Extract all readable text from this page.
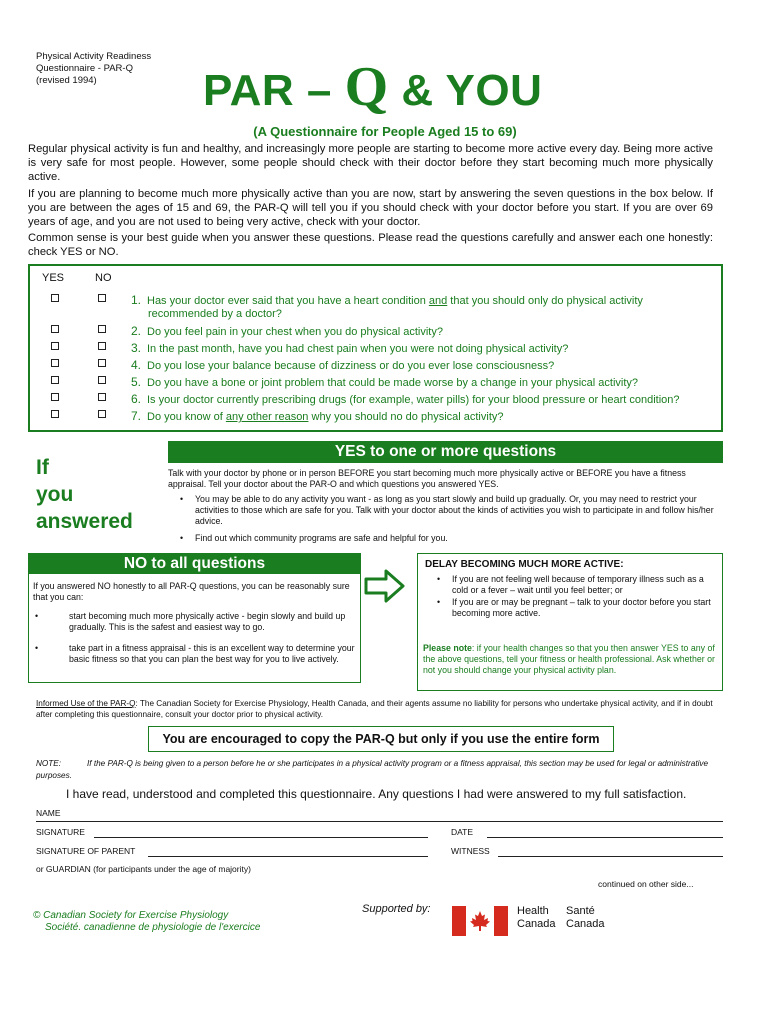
Physical Activity Readiness
Questionnaire - PAR-Q
(revised 1994)	PAR – Q & YOU
(A Questionnaire for People Aged 15 to 69)
Regular physical activity is fun and healthy, and increasingly more people are starting to become more active every day. Being more active is very safe for most people. However, some people should check with their doctor before they start becoming much more physically active.
If you are planning to become much more physically active than you are now, start by answering the seven questions in the box below. If you are between the ages of 15 and 69, the PAR-Q will tell you if you should check with your doctor before you start. If you are over 69 years of age, and you are not used to being very active, check with your doctor.
Common sense is your best guide when you answer these questions. Please read the questions carefully and answer each one honestly: check YES or NO.
YES	NO
1. Has your doctor ever said that you have a heart condition and that you should only do physical activity
recommended by a doctor?
2. Do you feel pain in your chest when you do physical activity?
3. In the past month, have you had chest pain when you were not doing physical activity?
4. Do you lose your balance because of dizziness or do you ever lose consciousness?
5. Do you have a bone or joint problem that could be made worse by a change in your physical activity?
6. Is your doctor currently prescribing drugs (for example, water pills) for your blood pressure or heart condition?
7. Do you know of any other reason why you should no do physical activity?
If
you
answered
YES to one or more questions
Talk with your doctor by phone or in person BEFORE you start becoming much more physically active or BEFORE you have a fitness appraisal. Tell your doctor about the PAR-O and which questions you answered YES.
• You may be able to do any activity you want - as long as you start slowly and build up gradually. Or, you may need to restrict your activities to those which are safe for you. Talk with your doctor about the kinds of activities you wish to participate in and follow his/her advice.
• Find out which community programs are safe and helpful for you.
NO to all questions
If you answered NO honestly to all PAR-Q questions, you can be reasonably sure that you can:
• start becoming much more physically active - begin slowly and build up gradually. This is the safest and easiest way to go.
• take part in a fitness appraisal - this is an excellent way to determine your basic fitness so that you can plan the best way for you to live actively.
DELAY BECOMING MUCH MORE ACTIVE:
• If you are not feeling well because of temporary illness such as a cold or a fever – wait until you feel better; or
• If you are or may be pregnant – talk to your doctor before you start becoming more active.
Please note: if your health changes so that you then answer YES to any of the above questions, tell your fitness or health professional. Ask whether or not you should change your physical activity plan.
Informed Use of the PAR-Q: The Canadian Society for Exercise Physiology, Health Canada, and their agents assume no liability for persons who undertake physical activity, and if in doubt after completing this questionnaire, consult your doctor prior to physical activity.
You are encouraged to copy the PAR-Q but only if you use the entire form
NOTE:	If the PAR-Q is being given to a person before he or she participates in a physical activity program or a fitness appraisal, this section may be used for legal or administrative purposes.
I have read, understood and completed this questionnaire. Any questions I had were answered to my full satisfaction.
NAME
SIGNATURE	DATE
SIGNATURE OF PARENT	WITNESS
or GUARDIAN (for participants under the age of majority)
continued on other side...
© Canadian Society for Exercise Physiology
Société. canadienne de physiologie de l'exercice
Supported by:	Health
Canada
Santé
Canada
